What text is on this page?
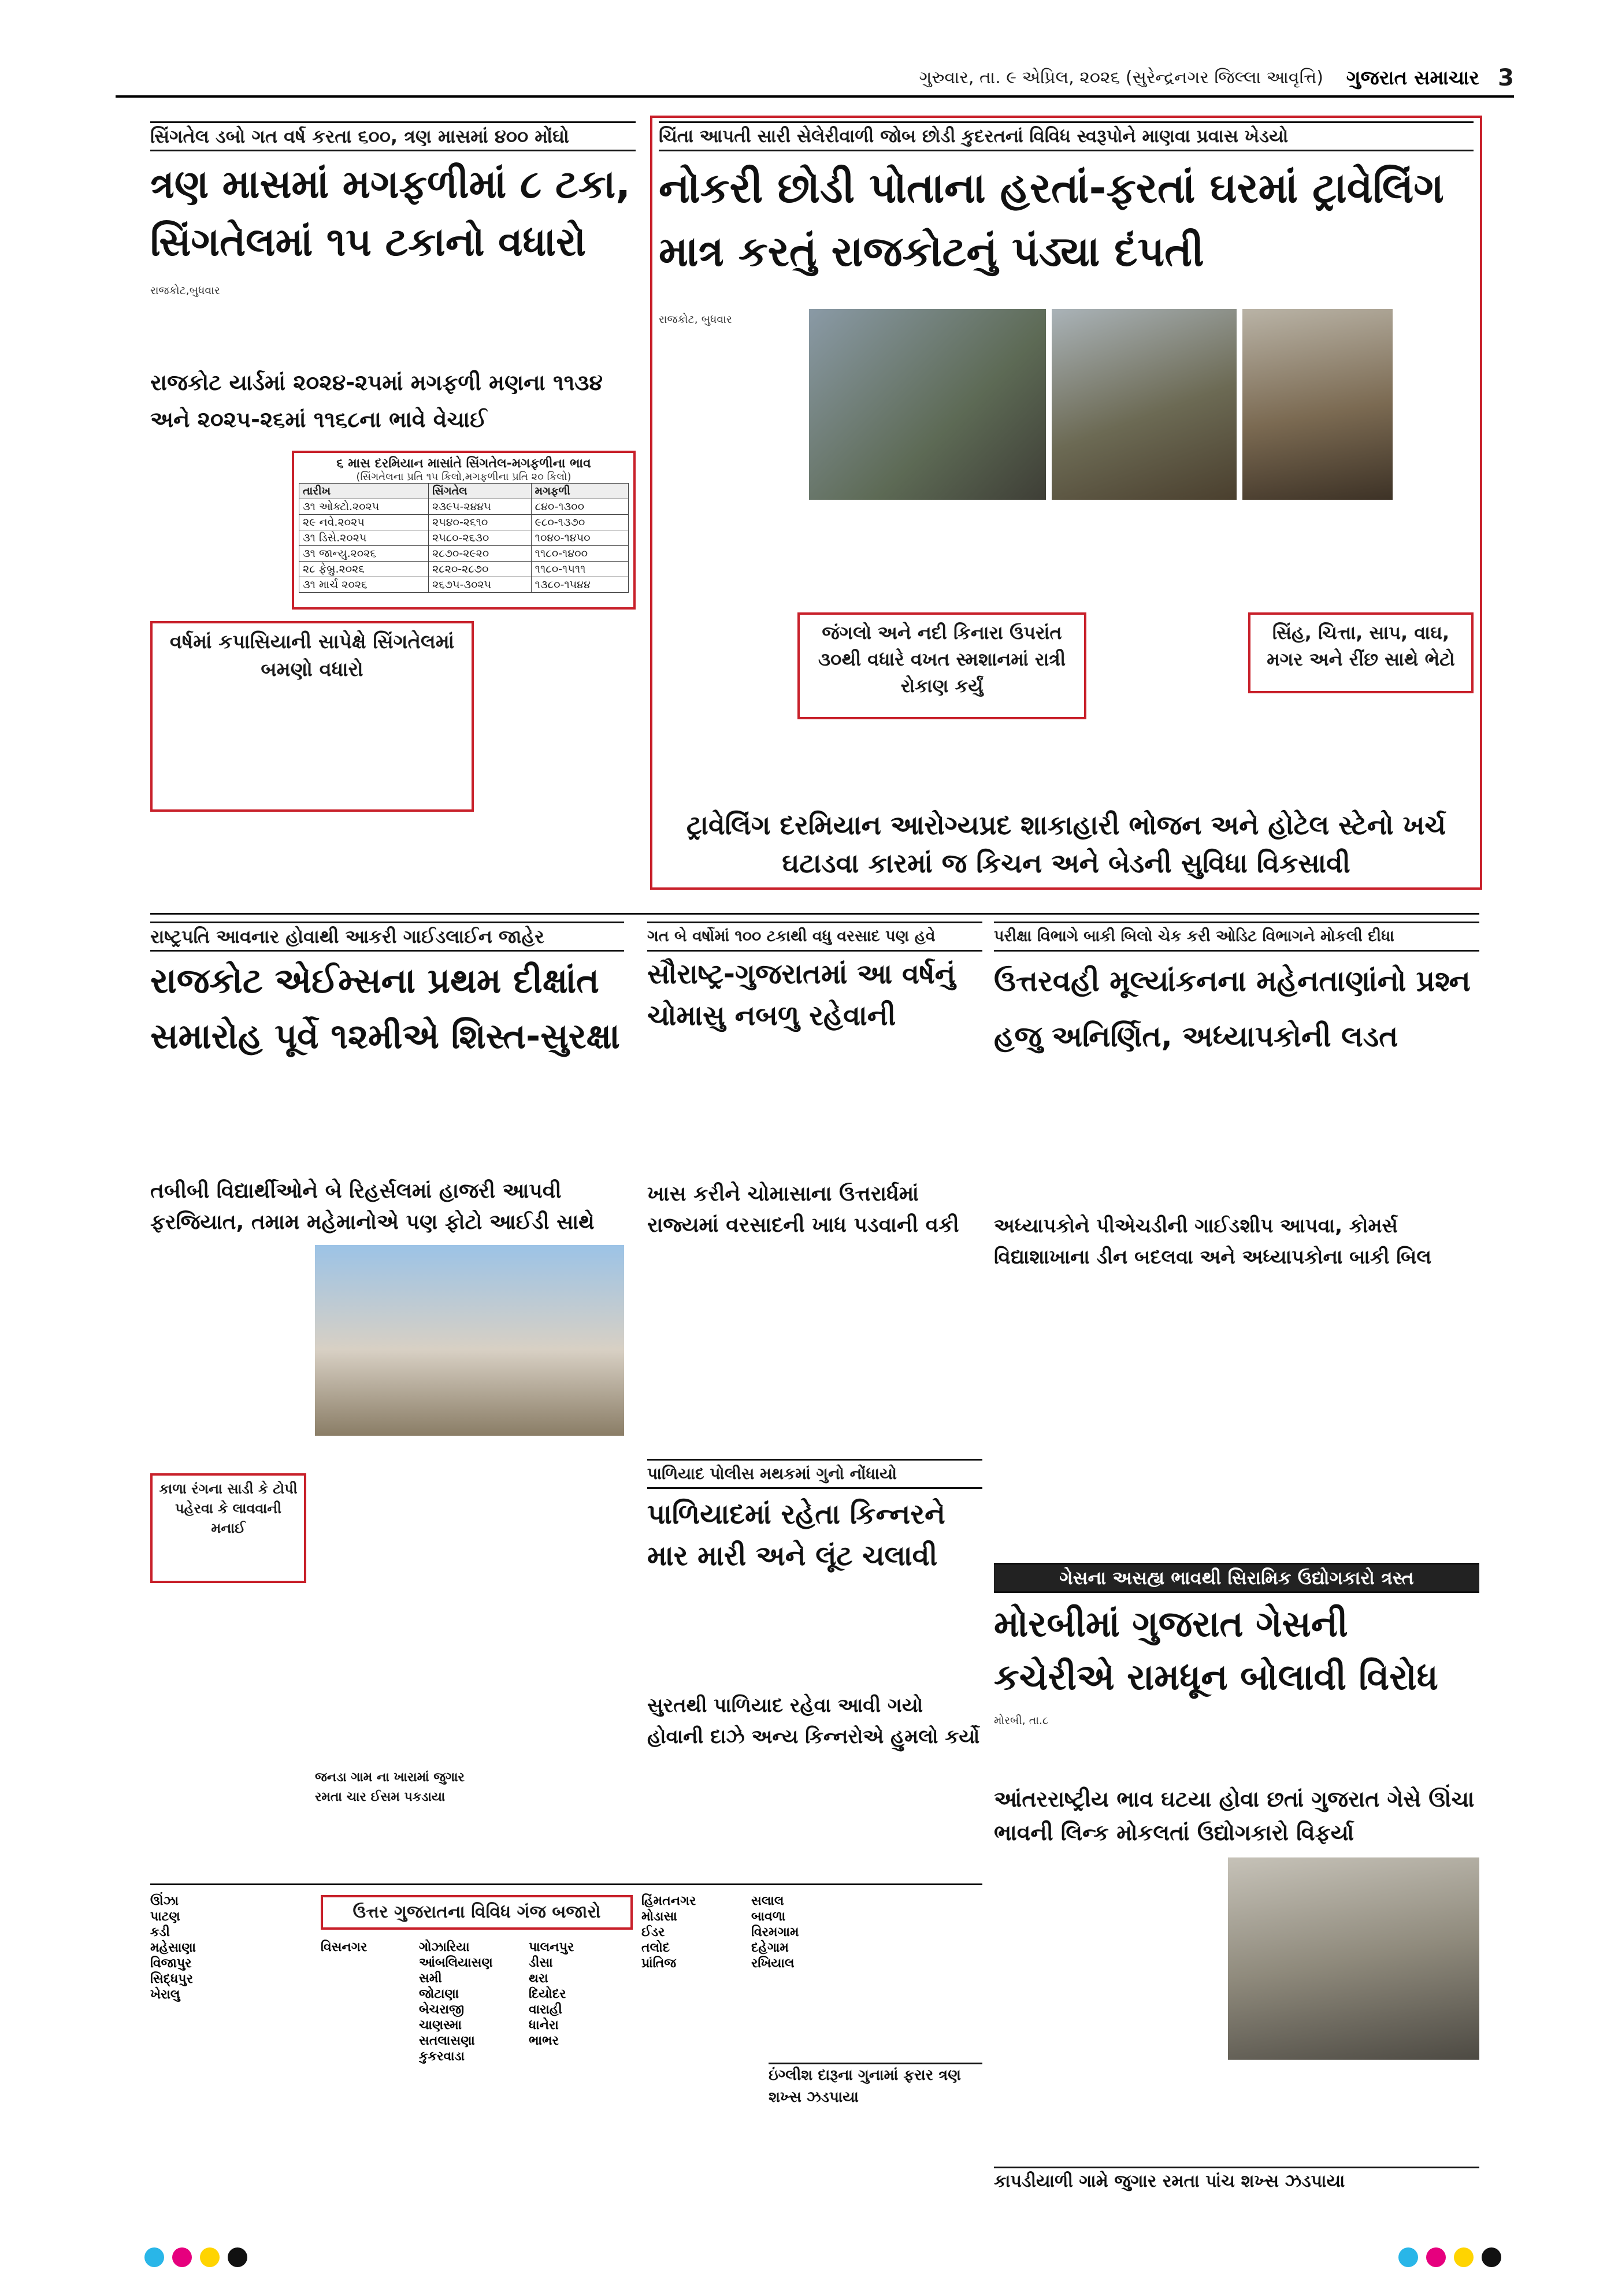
ગુરુવાર, તા. ૯ એપ્રિલ, ૨૦૨૬ (સુરેન્દ્રનગર જિલ્લા આવૃત્તિ) ગુજરાત સમાચાર 3
સિંગતેલ ડબો ગત વર્ષ કરતા ૬૦૦, ત્રણ માસમાં ૪૦૦ મોંઘો
ત્રણ માસમાં મગફળીમાં ૮ ટકા, સિંગતેલમાં ૧૫ ટકાનો વધારો
રાજકોટ,બુધવાર
રાજકોટ યાર્ડમાં ૨૦૨૪-૨૫માં મગફળી મણના ૧૧૩૪ અને ૨૦૨૫-૨૬માં ૧૧૬૮ના ભાવે વેચાઈ
૬ માસ દરમિયાન માસાંતે સિંગતેલ-મગફળીના ભાવ
(સિંગતેલના પ્રતિ ૧૫ કિલો,મગફળીના પ્રતિ ૨૦ કિલો)
તારીખ	સિંગતેલ	મગફળી
૩૧ ઓક્ટો.૨૦૨૫	૨૩૯૫-૨૪૪૫	૮૪૦-૧૩૦૦
૨૯ નવે.૨૦૨૫	૨૫૪૦-૨૬૧૦	૯૮૦-૧૩૭૦
૩૧ ડિસે.૨૦૨૫	૨૫૮૦-૨૬૩૦	૧૦૪૦-૧૪૫૦
૩૧ જાન્યુ.૨૦૨૬	૨૮૭૦-૨૯૨૦	૧૧૮૦-૧૪૦૦
૨૮ ફેબ્રુ.૨૦૨૬	૨૮૨૦-૨૮૭૦	૧૧૮૦-૧૫૧૧
૩૧ માર્ચ ૨૦૨૬	૨૬૭૫-૩૦૨૫	૧૩૮૦-૧૫૪૪
વર્ષમાં કપાસિયાની સાપેક્ષે સિંગતેલમાં બમણો વધારો
ચિંતા આપતી સારી સેલેરીવાળી જોબ છોડી કુદરતનાં વિવિધ સ્વરૂપોને માણવા પ્રવાસ ખેડયો
નોકરી છોડી પોતાના હરતાં-ફરતાં ઘરમાં ટ્રાવેલિંગ માત્ર કરતું રાજકોટનું પંડ્યા દંપતી
રાજકોટ, બુધવાર
જંગલો અને નદી કિનારા ઉપરાંત ૩૦થી વધારે વખત સ્મશાનમાં રાત્રી રોકાણ કર્યું
સિંહ, ચિત્તા, સાપ, વાઘ, મગર અને રીંછ સાથે ભેટો
ટ્રાવેલિંગ દરમિયાન આરોગ્યપ્રદ શાકાહારી ભોજન અને હોટેલ સ્ટેનો ખર્ચ ઘટાડવા કારમાં જ કિચન અને બેડની સુવિધા વિકસાવી
રાષ્ટ્રપતિ આવનાર હોવાથી આકરી ગાઈડલાઈન જાહેર
રાજકોટ એઈમ્સના પ્રથમ દીક્ષાંત સમારોહ પૂર્વે ૧૨મીએ શિસ્ત-સુરક્ષા
તબીબી વિદ્યાર્થીઓને બે રિહર્સલમાં હાજરી આપવી ફરજિયાત, તમામ મહેમાનોએ પણ ફોટો આઈડી સાથે
કાળા રંગના સાડી કે ટોપી પહેરવા કે લાવવાની મનાઈ
જનડા ગામ ના ખારામાં જુગાર રમતા ચાર ઈસમ પકડાયા
ગત બે વર્ષોમાં ૧૦૦ ટકાથી વધુ વરસાદ પણ હવે
સૌરાષ્ટ્ર-ગુજરાતમાં આ વર્ષનું ચોમાસુ નબળુ રહેવાની
ખાસ કરીને ચોમાસાના ઉત્તરાર્ધમાં રાજ્યમાં વરસાદની ખાધ પડવાની વકી
પરીક્ષા વિભાગે બાકી બિલો ચેક કરી ઓડિટ વિભાગને મોકલી દીધા
ઉત્તરવહી મૂલ્યાંકનના મહેનતાણાંનો પ્રશ્ન હજુ અનિર્ણિત, અધ્યાપકોની લડત
અધ્યાપકોને પીએચડીની ગાઈડશીપ આપવા, કોમર્સ વિદ્યાશાખાના ડીન બદલવા અને અધ્યાપકોના બાકી બિલ
પાળિયાદ પોલીસ મથકમાં ગુનો નોંધાયો
પાળિયાદમાં રહેતા કિન્નરને માર મારી અને લૂંટ ચલાવી
સુરતથી પાળિયાદ રહેવા આવી ગયો હોવાની દાઝે અન્ય કિન્નરોએ હુમલો કર્યો
ગેસના અસહ્ય ભાવથી સિરામિક ઉદ્યોગકારો ત્રસ્ત
મોરબીમાં ગુજરાત ગેસની કચેરીએ રામધૂન બોલાવી વિરોધ
મોરબી, તા.૮
આંતરરાષ્ટ્રીય ભાવ ઘટયા હોવા છતાં ગુજરાત ગેસે ઊંચા ભાવની લિન્ક મોકલતાં ઉદ્યોગકારો વિફર્યા
ઉત્તર ગુજરાતના વિવિધ ગંજ બજારો
ઊંઝા
પાટણ
કડી
મહેસાણા
વિજાપુર
સિદ્ધપુર
ખેરાલુ
વિસનગર	ગોઝારિયા
આંબલિયાસણ
સમી
જોટાણા
બેચરાજી
ચાણસ્મા
સતલાસણા
કુકરવાડા
પાલનપુર
ડીસા
થરા
દિયોદર
વારાહી
ધાનેરા
ભાભર
હિંમતનગર
મોડાસા
ઈડર
તલોદ
પ્રાંતિજ
સલાલ
બાવળા
વિરમગામ
દહેગામ
રખિયાલ
ઇંગ્લીશ દારૂના ગુનામાં ફરાર ત્રણ શખ્સ ઝડપાયા
કાપડીયાળી ગામે જુગાર રમતા પાંચ શખ્સ ઝડપાયા
